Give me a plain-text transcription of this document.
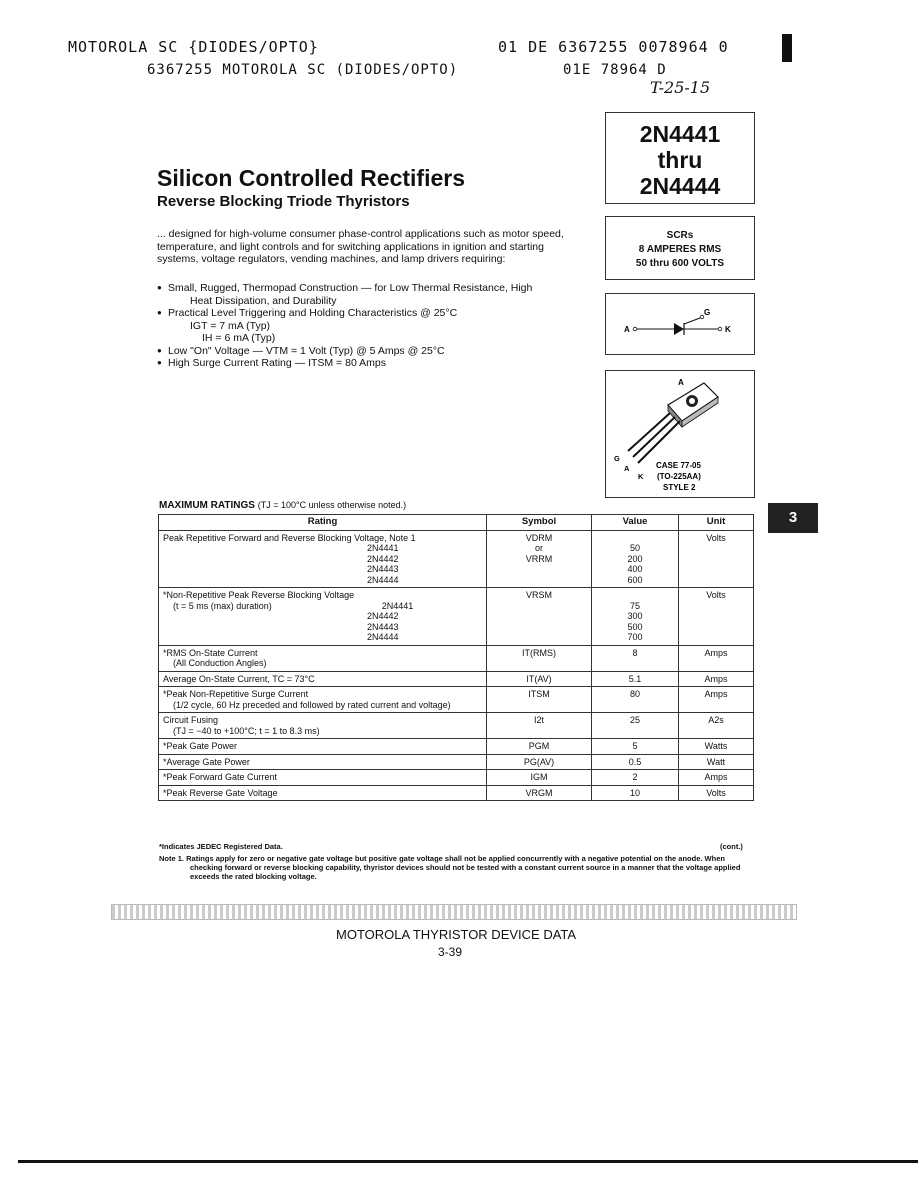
MOTOROLA SC {DIODES/OPTO}
6367255 MOTOROLA SC (DIODES/OPTO)
01 DE 6367255 0078964 0
01E 78964 D
T-25-15
2N4441
thru
2N4444
SCRs
8 AMPERES RMS
50 thru 600 VOLTS
A
G
K
A
G
A
K
CASE 77-05
(TO-225AA)
STYLE 2
Silicon Controlled Rectifiers
Reverse Blocking Triode Thyristors
... designed for high-volume consumer phase-control applications such as motor speed, temperature, and light controls and for switching applications in ignition and starting systems, voltage regulators, vending machines, and lamp drivers requiring:
● Small, Rugged, Thermopad Construction — for Low Thermal Resistance, High
Heat Dissipation, and Durability
● Practical Level Triggering and Holding Characteristics @ 25°C
IGT = 7 mA (Typ)
IH = 6 mA (Typ)
● Low "On" Voltage — VTM = 1 Volt (Typ) @ 5 Amps @ 25°C
● High Surge Current Rating — ITSM = 80 Amps
MAXIMUM RATINGS (TJ = 100°C unless otherwise noted.)
Rating	Symbol	Value	Unit

Peak Repetitive Forward and Reverse Blocking Voltage, Note 1
2N4441
2N4442
2N4443
2N4444	VDRM
or
VRRM	50
200
400
600	Volts

*Non-Repetitive Peak Reverse Blocking Voltage
(t = 5 ms (max) duration) 2N4441
2N4442
2N4443
2N4444	VRSM	75
300
500
700	Volts

*RMS On-State Current
(All Conduction Angles)	IT(RMS)	8	Amps
Average On-State Current, TC = 73°C	IT(AV)	5.1	Amps

*Peak Non-Repetitive Surge Current
(1/2 cycle, 60 Hz preceded and followed by rated current and voltage)	ITSM	80	Amps

Circuit Fusing
(TJ = −40 to +100°C; t = 1 to 8.3 ms)	I2t	25	A2s
*Peak Gate Power	PGM	5	Watts
*Average Gate Power	PG(AV)	0.5	Watt
*Peak Forward Gate Current	IGM	2	Amps
*Peak Reverse Gate Voltage	VRGM	10	Volts
*Indicates JEDEC Registered Data.	(cont.)
Note 1. Ratings apply for zero or negative gate voltage but positive gate voltage shall not be applied concurrently with a negative potential on the anode. When checking forward or reverse blocking capability, thyristor devices should not be tested with a constant current source in a manner that the voltage applied exceeds the rated blocking voltage.
MOTOROLA THYRISTOR DEVICE DATA
3-39
3
